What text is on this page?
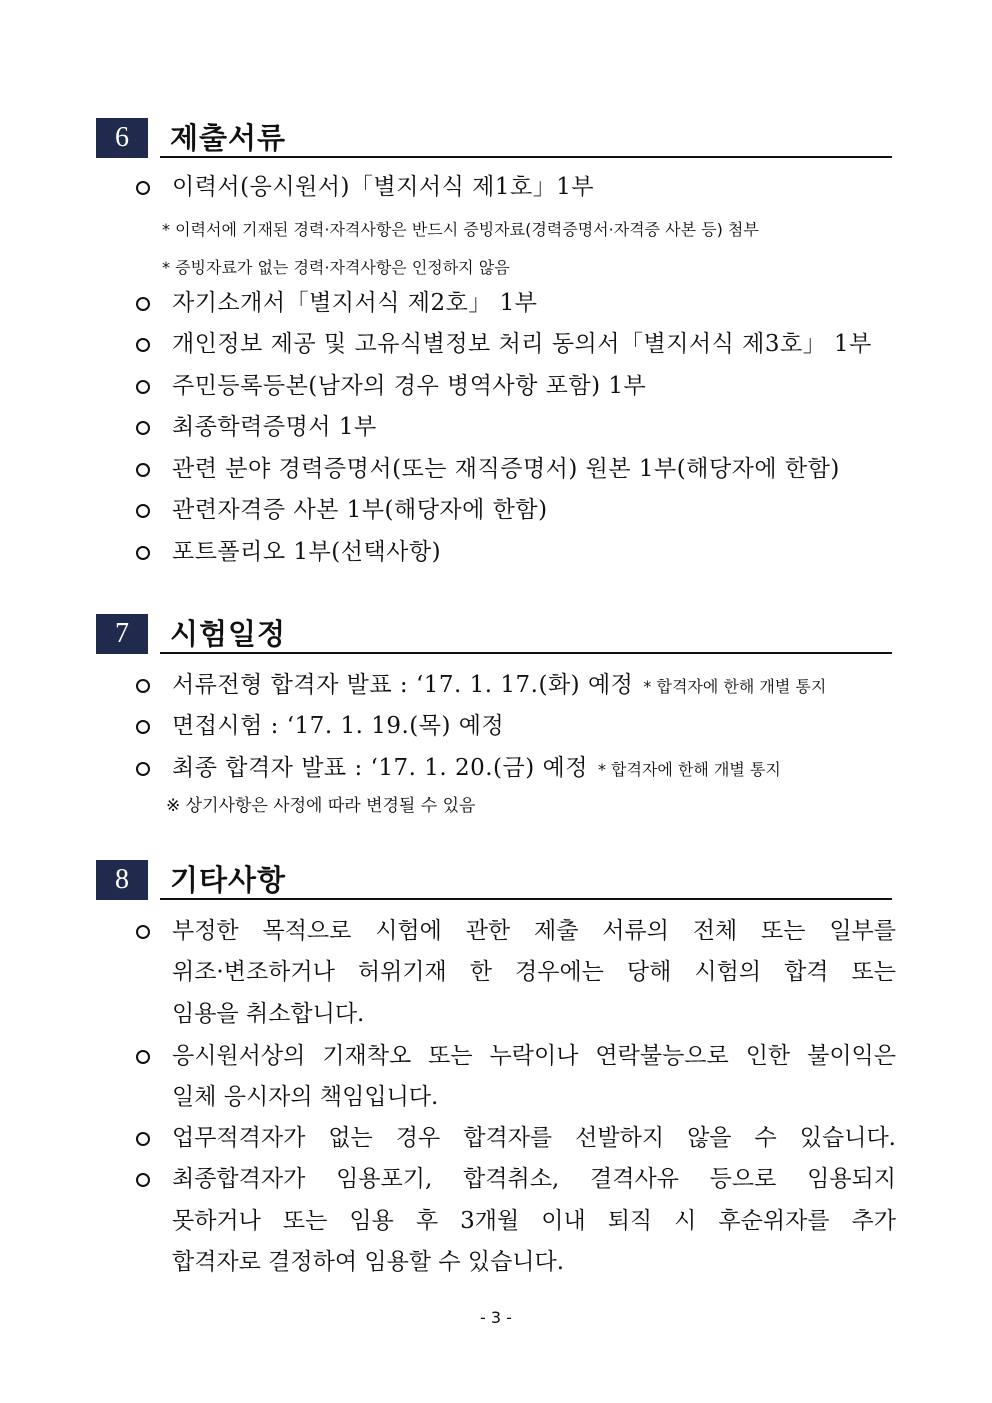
6	제출서류
이력서(응시원서)「별지서식 제1호」1부
* 이력서에 기재된 경력·자격사항은 반드시 증빙자료(경력증명서·자격증 사본 등) 첨부
* 증빙자료가 없는 경력·자격사항은 인정하지 않음
자기소개서「별지서식 제2호」 1부
개인정보 제공 및 고유식별정보 처리 동의서「별지서식 제3호」 1부
주민등록등본(남자의 경우 병역사항 포함) 1부
최종학력증명서 1부
관련 분야 경력증명서(또는 재직증명서) 원본 1부(해당자에 한함)
관련자격증 사본 1부(해당자에 한함)
포트폴리오 1부(선택사항)
7	시험일정
서류전형 합격자 발표 : ‘17. 1. 17.(화) 예정 * 합격자에 한해 개별 통지
면접시험 : ‘17. 1. 19.(목) 예정
최종 합격자 발표 : ‘17. 1. 20.(금) 예정 * 합격자에 한해 개별 통지
※ 상기사항은 사정에 따라 변경될 수 있음
8	기타사항
부정한 목적으로 시험에 관한 제출 서류의 전체 또는 일부를
위조·변조하거나 허위기재 한 경우에는 당해 시험의 합격 또는
임용을 취소합니다.
응시원서상의 기재착오 또는 누락이나 연락불능으로 인한 불이익은
일체 응시자의 책임입니다.
업무적격자가 없는 경우 합격자를 선발하지 않을 수 있습니다.
최종합격자가 임용포기, 합격취소, 결격사유 등으로 임용되지
못하거나 또는 임용 후 3개월 이내 퇴직 시 후순위자를 추가
합격자로 결정하여 임용할 수 있습니다.
- 3 -
